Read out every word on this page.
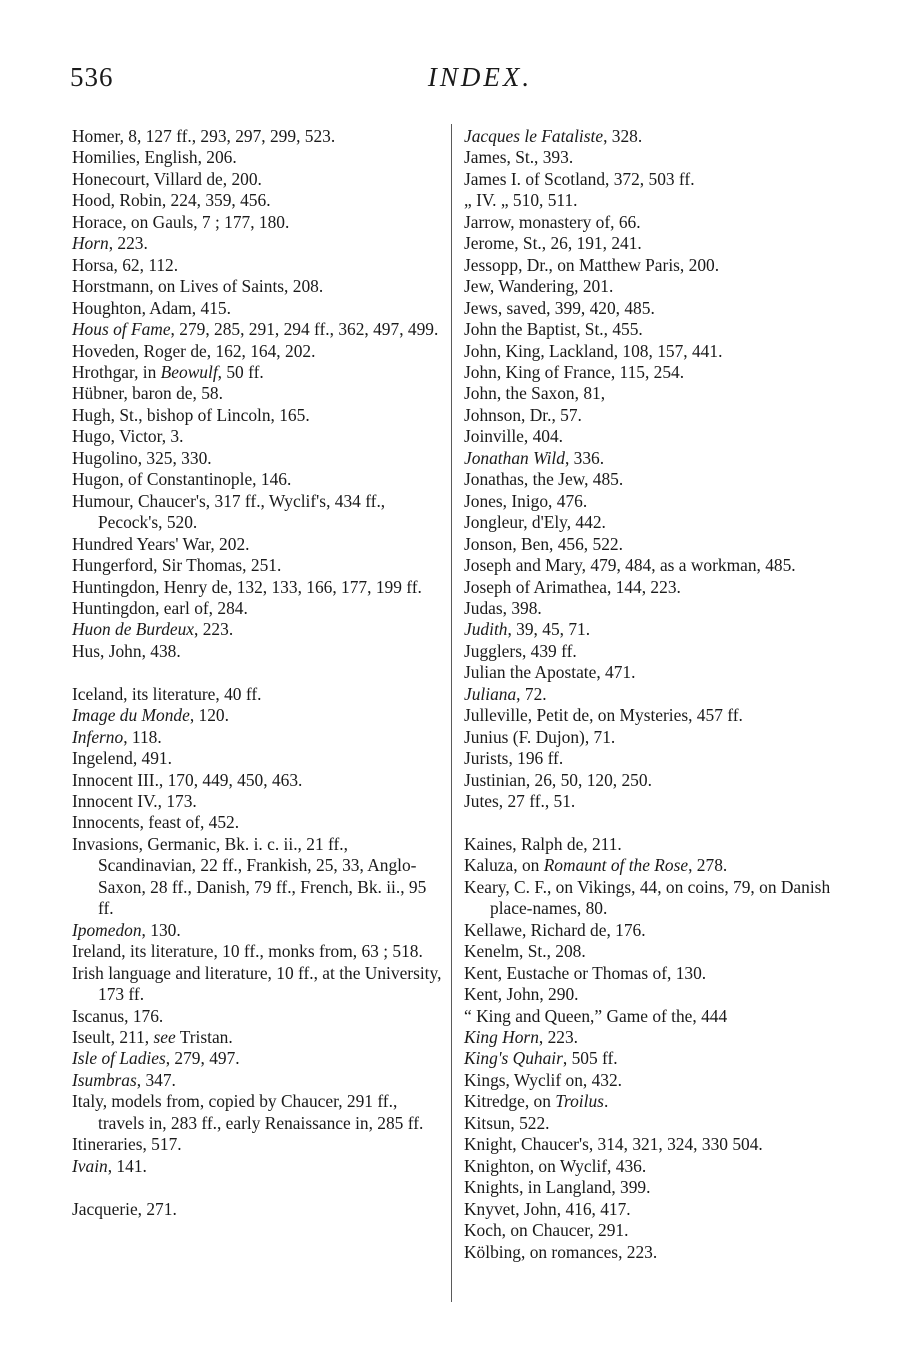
536	INDEX.
Homer, 8, 127 ff., 293, 297, 299, 523.
Homilies, English, 206.
Honecourt, Villard de, 200.
Hood, Robin, 224, 359, 456.
Horace, on Gauls, 7 ; 177, 180.
Horn, 223.
Horsa, 62, 112.
Horstmann, on Lives of Saints, 208.
Houghton, Adam, 415.
Hous of Fame, 279, 285, 291, 294 ff., 362, 497, 499.
Hoveden, Roger de, 162, 164, 202.
Hrothgar, in Beowulf, 50 ff.
Hübner, baron de, 58.
Hugh, St., bishop of Lincoln, 165.
Hugo, Victor, 3.
Hugolino, 325, 330.
Hugon, of Constantinople, 146.
Humour, Chaucer's, 317 ff., Wyclif's, 434 ff., Pecock's, 520.
Hundred Years' War, 202.
Hungerford, Sir Thomas, 251.
Huntingdon, Henry de, 132, 133, 166, 177, 199 ff.
Huntingdon, earl of, 284.
Huon de Burdeux, 223.
Hus, John, 438.
Iceland, its literature, 40 ff.
Image du Monde, 120.
Inferno, 118.
Ingelend, 491.
Innocent III., 170, 449, 450, 463.
Innocent IV., 173.
Innocents, feast of, 452.
Invasions, Germanic, Bk. i. c. ii., 21 ff., Scandinavian, 22 ff., Frankish, 25, 33, Anglo-Saxon, 28 ff., Danish, 79 ff., French, Bk. ii., 95 ff.
Ipomedon, 130.
Ireland, its literature, 10 ff., monks from, 63 ; 518.
Irish language and literature, 10 ff., at the University, 173 ff.
Iscanus, 176.
Iseult, 211, see Tristan.
Isle of Ladies, 279, 497.
Isumbras, 347.
Italy, models from, copied by Chaucer, 291 ff., travels in, 283 ff., early Renaissance in, 285 ff.
Itineraries, 517.
Ivain, 141.
Jacquerie, 271.
Jacques le Fataliste, 328.
James, St., 393.
James I. of Scotland, 372, 503 ff.
„ IV. „ 510, 511.
Jarrow, monastery of, 66.
Jerome, St., 26, 191, 241.
Jessopp, Dr., on Matthew Paris, 200.
Jew, Wandering, 201.
Jews, saved, 399, 420, 485.
John the Baptist, St., 455.
John, King, Lackland, 108, 157, 441.
John, King of France, 115, 254.
John, the Saxon, 81,
Johnson, Dr., 57.
Joinville, 404.
Jonathan Wild, 336.
Jonathas, the Jew, 485.
Jones, Inigo, 476.
Jongleur, d'Ely, 442.
Jonson, Ben, 456, 522.
Joseph and Mary, 479, 484, as a workman, 485.
Joseph of Arimathea, 144, 223.
Judas, 398.
Judith, 39, 45, 71.
Jugglers, 439 ff.
Julian the Apostate, 471.
Juliana, 72.
Julleville, Petit de, on Mysteries, 457 ff.
Junius (F. Dujon), 71.
Jurists, 196 ff.
Justinian, 26, 50, 120, 250.
Jutes, 27 ff., 51.
Kaines, Ralph de, 211.
Kaluza, on Romaunt of the Rose, 278.
Keary, C. F., on Vikings, 44, on coins, 79, on Danish place-names, 80.
Kellawe, Richard de, 176.
Kenelm, St., 208.
Kent, Eustache or Thomas of, 130.
Kent, John, 290.
“ King and Queen,” Game of the, 444
King Horn, 223.
King's Quhair, 505 ff.
Kings, Wyclif on, 432.
Kitredge, on Troilus.
Kitsun, 522.
Knight, Chaucer's, 314, 321, 324, 330 504.
Knighton, on Wyclif, 436.
Knights, in Langland, 399.
Knyvet, John, 416, 417.
Koch, on Chaucer, 291.
Kölbing, on romances, 223.
